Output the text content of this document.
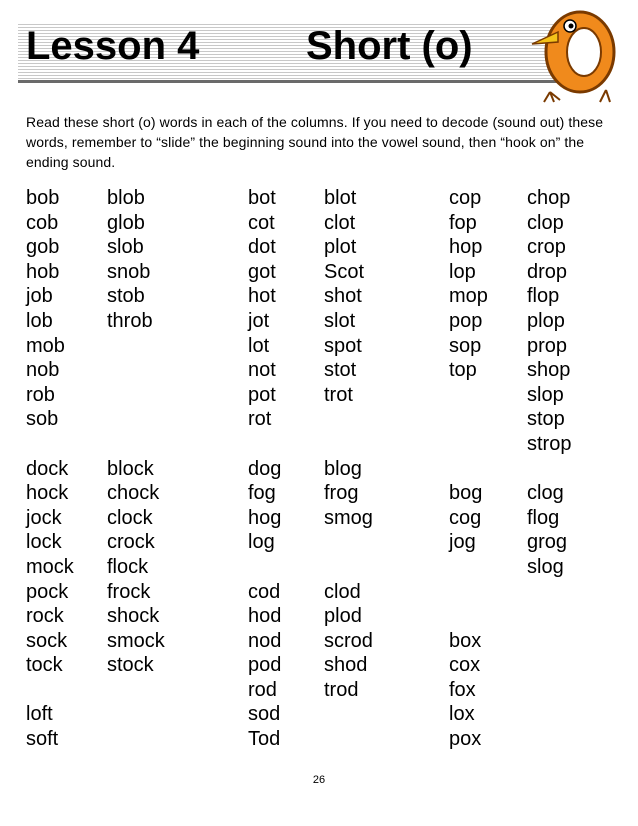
Lesson 4	Short (o)

Read these short (o) words in each of the columns. If you need to decode (sound out) these words, remember to “slide” the beginning sound into the vowel sound, then “hook on” the ending sound.

bob
cob
gob
hob
job
lob
mob
nob
rob
sob
dock
hock
jock
lock
mock
pock
rock
sock
tock
loft
soft
blob
glob
slob
snob
stob
throb
block
chock
clock
crock
flock
frock
shock
smock
stock
bot
cot
dot
got
hot
jot
lot
not
pot
rot
dog
fog
hog
log
cod
hod
nod
pod
rod
sod
Tod
blot
clot
plot
Scot
shot
slot
spot
stot
trot
blog
frog
smog
clod
plod
scrod
shod
trod
cop
fop
hop
lop
mop
pop
sop
top
bog
cog
jog
box
cox
fox
lox
pox
chop
clop
crop
drop
flop
plop
prop
shop
slop
stop
strop
clog
flog
grog
slog
26
